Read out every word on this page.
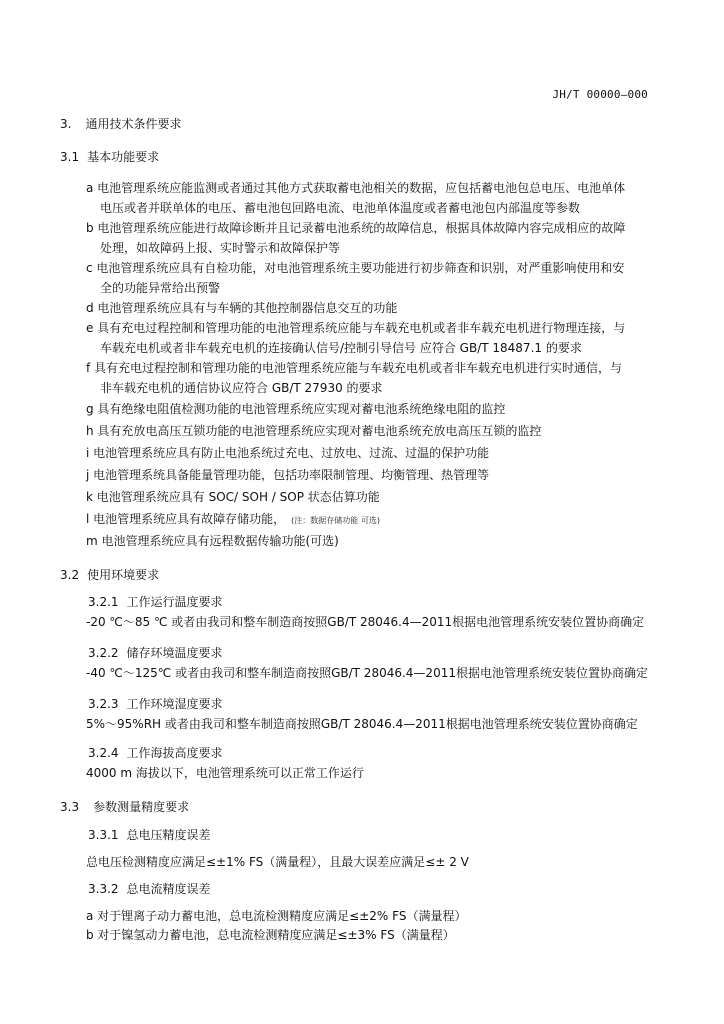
JH/T 00000—000
3. 通用技术条件要求
3.1 基本功能要求
a 电池管理系统应能监测或者通过其他方式获取蓄电池相关的数据，应包括蓄电池包总电压、电池单体
电压或者并联单体的电压、蓄电池包回路电流、电池单体温度或者蓄电池包内部温度等参数
b 电池管理系统应能进行故障诊断并且记录蓄电池系统的故障信息，根据具体故障内容完成相应的故障
处理，如故障码上报、实时警示和故障保护等
c 电池管理系统应具有自检功能，对电池管理系统主要功能进行初步筛查和识别，对严重影响使用和安
全的功能异常给出预警
d 电池管理系统应具有与车辆的其他控制器信息交互的功能
e 具有充电过程控制和管理功能的电池管理系统应能与车载充电机或者非车载充电机进行物理连接，与
车载充电机或者非车载充电机的连接确认信号/控制引导信号 应符合 GB/T 18487.1 的要求
f 具有充电过程控制和管理功能的电池管理系统应能与车载充电机或者非车载充电机进行实时通信，与
非车载充电机的通信协议应符合 GB/T 27930 的要求
g 具有绝缘电阻值检测功能的电池管理系统应实现对蓄电池系统绝缘电阻的监控
h 具有充放电高压互锁功能的电池管理系统应实现对蓄电池系统充放电高压互锁的监控
i 电池管理系统应具有防止电池系统过充电、过放电、过流、过温的保护功能
j 电池管理系统具备能量管理功能，包括功率限制管理、均衡管理、热管理等
k 电池管理系统应具有 SOC/ SOH / SOP 状态估算功能
l 电池管理系统应具有故障存储功能， (注：数据存储功能 可选)
m 电池管理系统应具有远程数据传输功能(可选)
3.2 使用环境要求
3.2.1 工作运行温度要求
-20 ℃～85 ℃ 或者由我司和整车制造商按照GB/T 28046.4—2011根据电池管理系统安装位置协商确定
3.2.2 储存环境温度要求
-40 ℃～125℃ 或者由我司和整车制造商按照GB/T 28046.4—2011根据电池管理系统安装位置协商确定
3.2.3 工作环境湿度要求
5%～95%RH 或者由我司和整车制造商按照GB/T 28046.4—2011根据电池管理系统安装位置协商确定
3.2.4 工作海拔高度要求
4000 m 海拔以下，电池管理系统可以正常工作运行
3.3 参数测量精度要求
3.3.1 总电压精度误差
总电压检测精度应满足≤±1% FS（满量程），且最大误差应满足≤± 2 V
3.3.2 总电流精度误差
a 对于锂离子动力蓄电池，总电流检测精度应满足≤±2% FS（满量程）
b 对于镍氢动力蓄电池，总电流检测精度应满足≤±3% FS（满量程）
